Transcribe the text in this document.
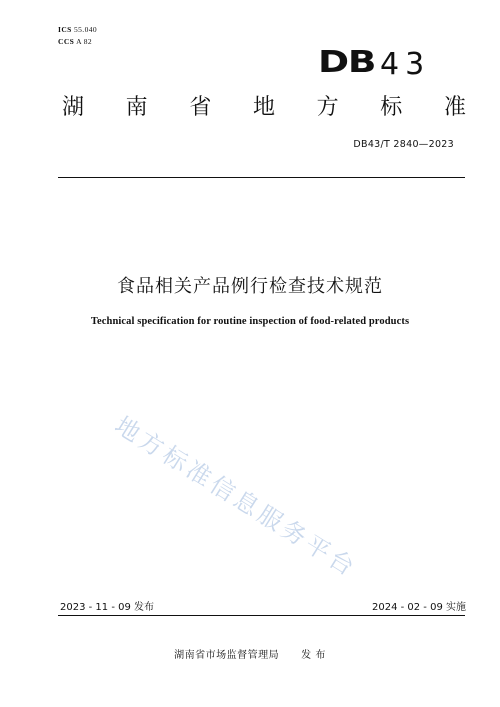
ICS 55.040
CCS A 82
DB 43
湖 南 省 地 方 标 准
DB43/T 2840—2023
食品相关产品例行检查技术规范
Technical specification for routine inspection of food-related products
地方标准信息服务平台
2023 - 11 - 09 发布	2024 - 02 - 09 实施
湖南省市场监督管理局 发 布
